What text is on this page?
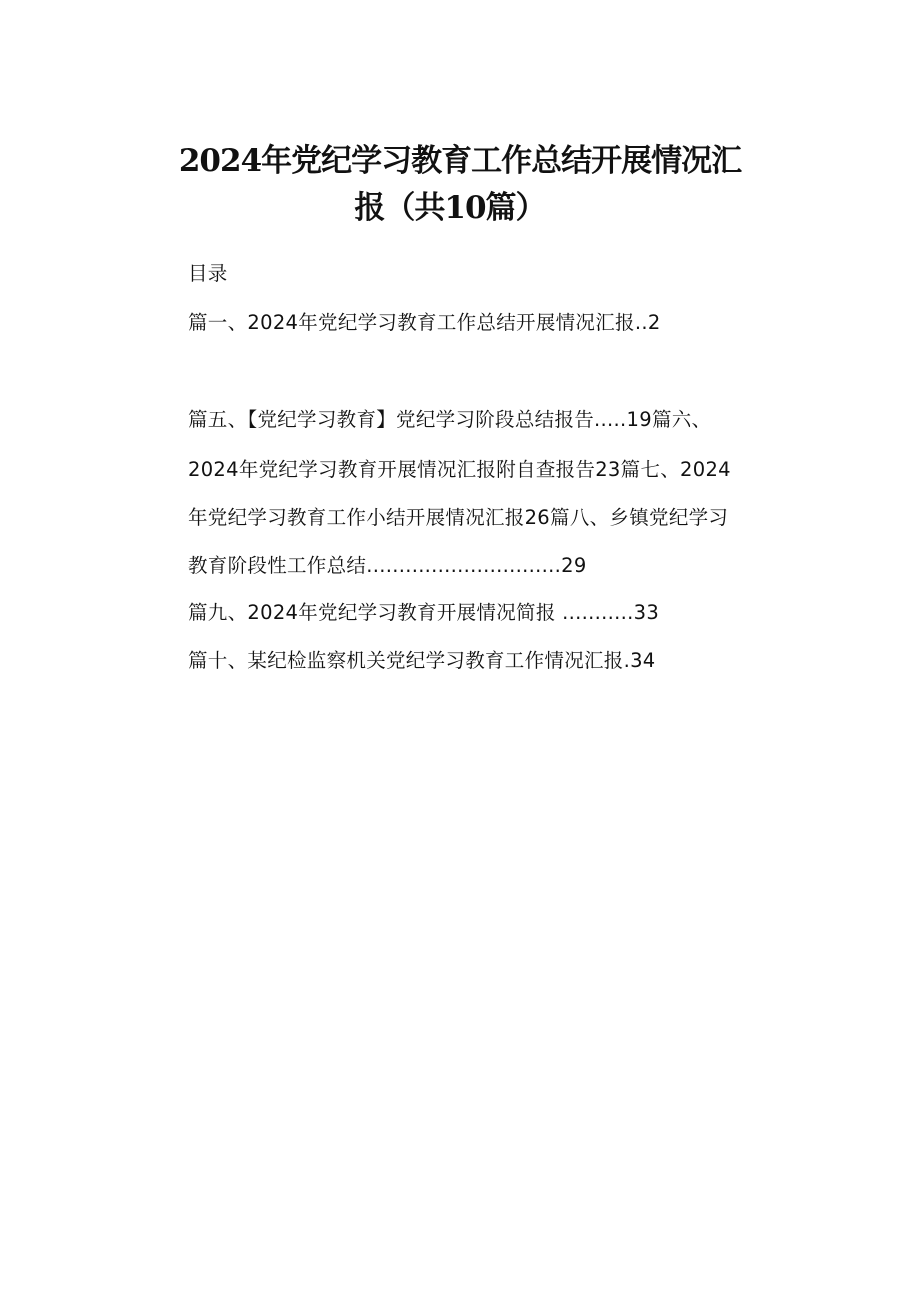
2024年党纪学习教育工作总结开展情况汇
报（共10篇）
目录
篇一、2024年党纪学习教育工作总结开展情况汇报..2
篇五、【党纪学习教育】党纪学习阶段总结报告.....19篇六、
2024年党纪学习教育开展情况汇报附自查报告23篇七、2024
年党纪学习教育工作小结开展情况汇报26篇八、乡镇党纪学习
教育阶段性工作总结..............................29
篇九、2024年党纪学习教育开展情况简报 ...........33
篇十、某纪检监察机关党纪学习教育工作情况汇报.34
